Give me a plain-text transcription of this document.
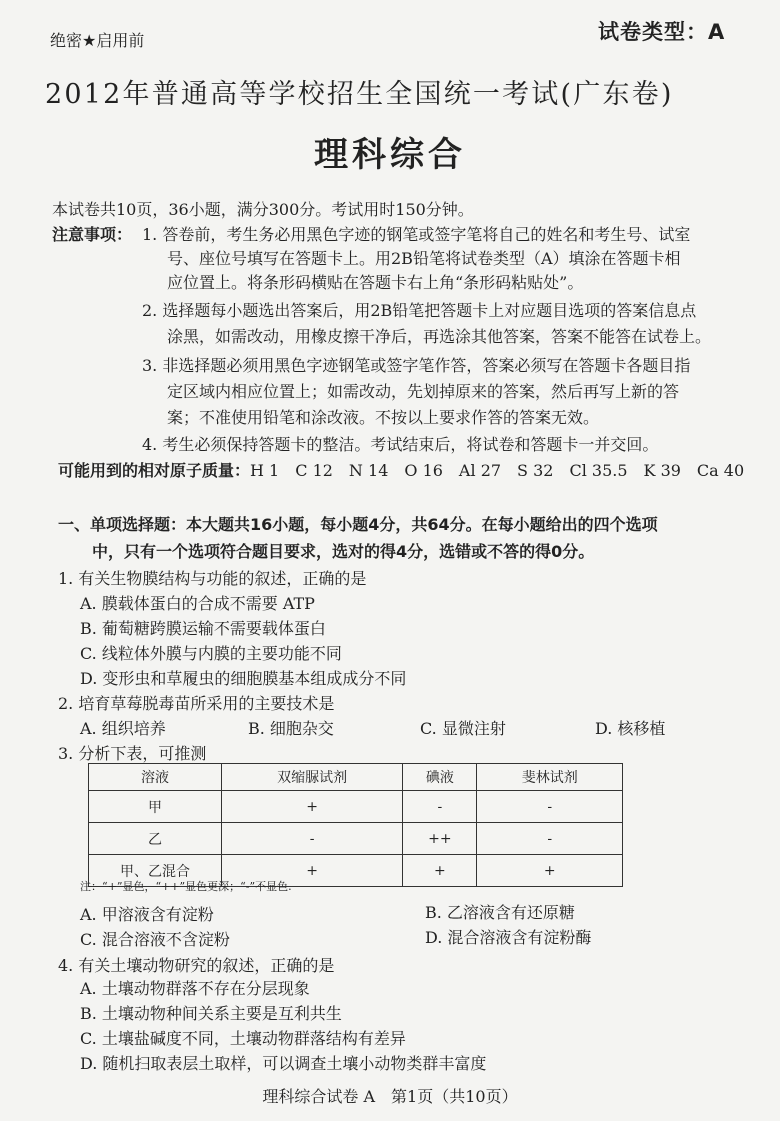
绝密★启用前	试卷类型：A
2012年普通高等学校招生全国统一考试(广东卷)
理科综合
本试卷共10页，36小题，满分300分。考试用时150分钟。
注意事项： 1. 答卷前，考生务必用黑色字迹的钢笔或签字笔将自己的姓名和考生号、试室
号、座位号填写在答题卡上。用2B铅笔将试卷类型（A）填涂在答题卡相
应位置上。将条形码横贴在答题卡右上角“条形码粘贴处”。
2. 选择题每小题选出答案后，用2B铅笔把答题卡上对应题目选项的答案信息点
涂黑，如需改动，用橡皮擦干净后，再选涂其他答案，答案不能答在试卷上。
3. 非选择题必须用黑色字迹钢笔或签字笔作答，答案必须写在答题卡各题目指
定区域内相应位置上；如需改动，先划掉原来的答案，然后再写上新的答
案；不准使用铅笔和涂改液。不按以上要求作答的答案无效。
4. 考生必须保持答题卡的整洁。考试结束后，将试卷和答题卡一并交回。
可能用到的相对原子质量：H 1　C 12　N 14　O 16　Al 27　S 32　Cl 35.5　K 39　Ca 40
一、单项选择题：本大题共16小题，每小题4分，共64分。在每小题给出的四个选项
中，只有一个选项符合题目要求，选对的得4分，选错或不答的得0分。
1. 有关生物膜结构与功能的叙述，正确的是
A. 膜载体蛋白的合成不需要 ATP
B. 葡萄糖跨膜运输不需要载体蛋白
C. 线粒体外膜与内膜的主要功能不同
D. 变形虫和草履虫的细胞膜基本组成成分不同
2. 培育草莓脱毒苗所采用的主要技术是
A. 组织培养	B. 细胞杂交	C. 显微注射	D. 核移植
3. 分析下表，可推测
溶液	双缩脲试剂	碘液	斐林试剂
甲	+	-	-
乙	-	++	-
甲、乙混合	+	+	+
注：“+”显色，“++”显色更深；“-”不显色.
A. 甲溶液含有淀粉	B. 乙溶液含有还原糖
C. 混合溶液不含淀粉	D. 混合溶液含有淀粉酶
4. 有关土壤动物研究的叙述，正确的是
A. 土壤动物群落不存在分层现象
B. 土壤动物种间关系主要是互利共生
C. 土壤盐碱度不同，土壤动物群落结构有差异
D. 随机扫取表层土取样，可以调查土壤小动物类群丰富度
理科综合试卷 A　第1页（共10页）
